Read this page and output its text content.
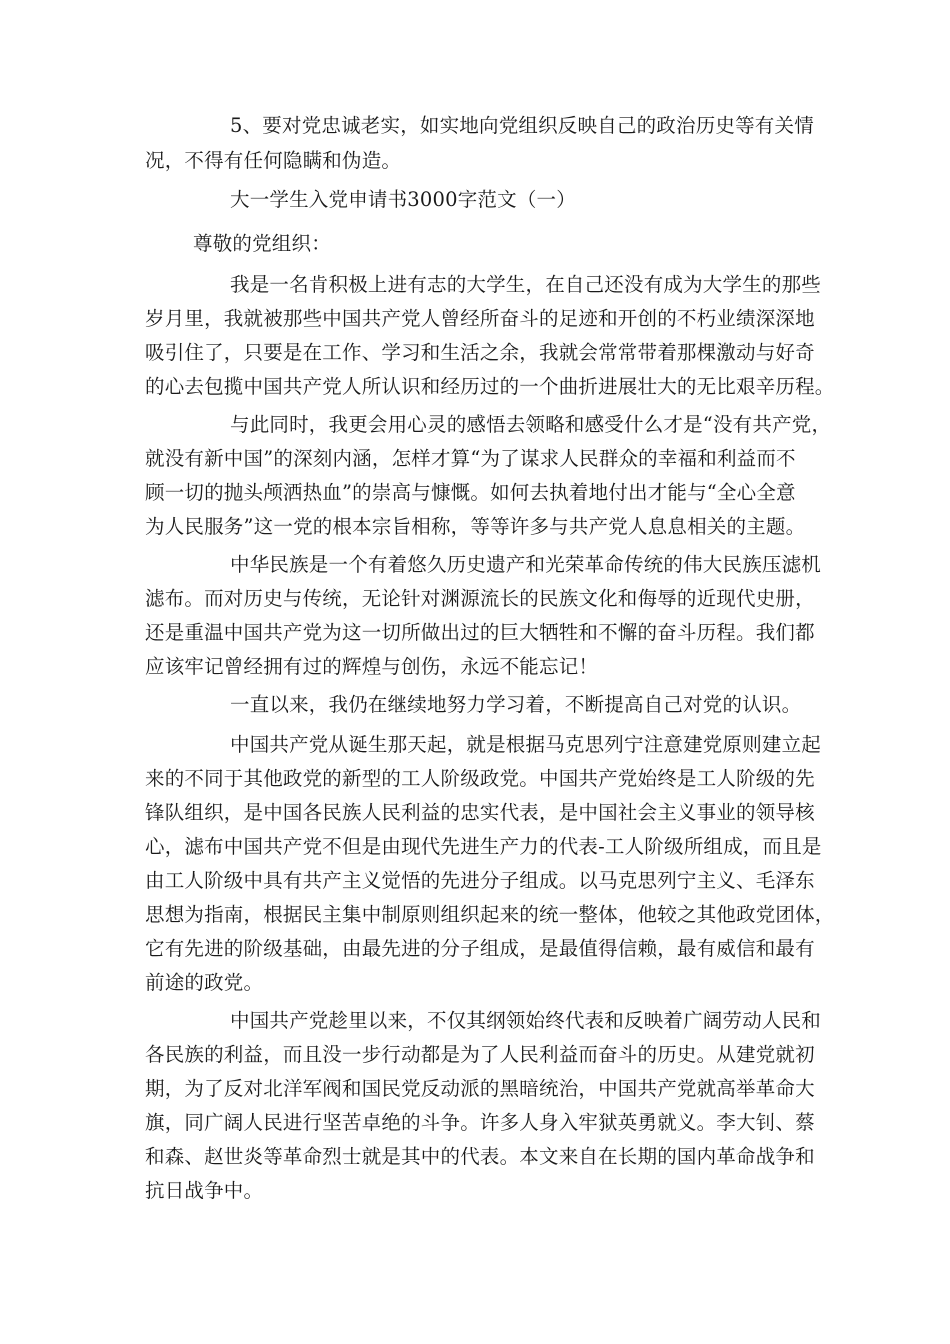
5、要对党忠诚老实，如实地向党组织反映自己的政治历史等有关情
况，不得有任何隐瞒和伪造。
大一学生入党申请书3000字范文（一）
尊敬的党组织：
我是一名肯积极上进有志的大学生，在自己还没有成为大学生的那些
岁月里，我就被那些中国共产党人曾经所奋斗的足迹和开创的不朽业绩深深地
吸引住了，只要是在工作、学习和生活之余，我就会常常带着那棵激动与好奇
的心去包揽中国共产党人所认识和经历过的一个曲折进展壮大的无比艰辛历程。
与此同时，我更会用心灵的感悟去领略和感受什么才是“没有共产党，
就没有新中国”的深刻内涵，怎样才算“为了谋求人民群众的幸福和利益而不
顾一切的抛头颅洒热血”的崇高与慷慨。如何去执着地付出才能与“全心全意
为人民服务”这一党的根本宗旨相称，等等许多与共产党人息息相关的主题。
中华民族是一个有着悠久历史遗产和光荣革命传统的伟大民族压滤机
滤布。而对历史与传统，无论针对渊源流长的民族文化和侮辱的近现代史册，
还是重温中国共产党为这一切所做出过的巨大牺牲和不懈的奋斗历程。我们都
应该牢记曾经拥有过的辉煌与创伤，永远不能忘记！
一直以来，我仍在继续地努力学习着，不断提高自己对党的认识。
中国共产党从诞生那天起，就是根据马克思列宁注意建党原则建立起
来的不同于其他政党的新型的工人阶级政党。中国共产党始终是工人阶级的先
锋队组织，是中国各民族人民利益的忠实代表，是中国社会主义事业的领导核
心，滤布中国共产党不但是由现代先进生产力的代表-工人阶级所组成，而且是
由工人阶级中具有共产主义觉悟的先进分子组成。以马克思列宁主义、毛泽东
思想为指南，根据民主集中制原则组织起来的统一整体，他较之其他政党团体，
它有先进的阶级基础，由最先进的分子组成，是最值得信赖，最有威信和最有
前途的政党。
中国共产党趁里以来，不仅其纲领始终代表和反映着广阔劳动人民和
各民族的利益，而且没一步行动都是为了人民利益而奋斗的历史。从建党就初
期，为了反对北洋军阀和国民党反动派的黑暗统治，中国共产党就高举革命大
旗，同广阔人民进行坚苦卓绝的斗争。许多人身入牢狱英勇就义。李大钊、蔡
和森、赵世炎等革命烈士就是其中的代表。本文来自在长期的国内革命战争和
抗日战争中。
